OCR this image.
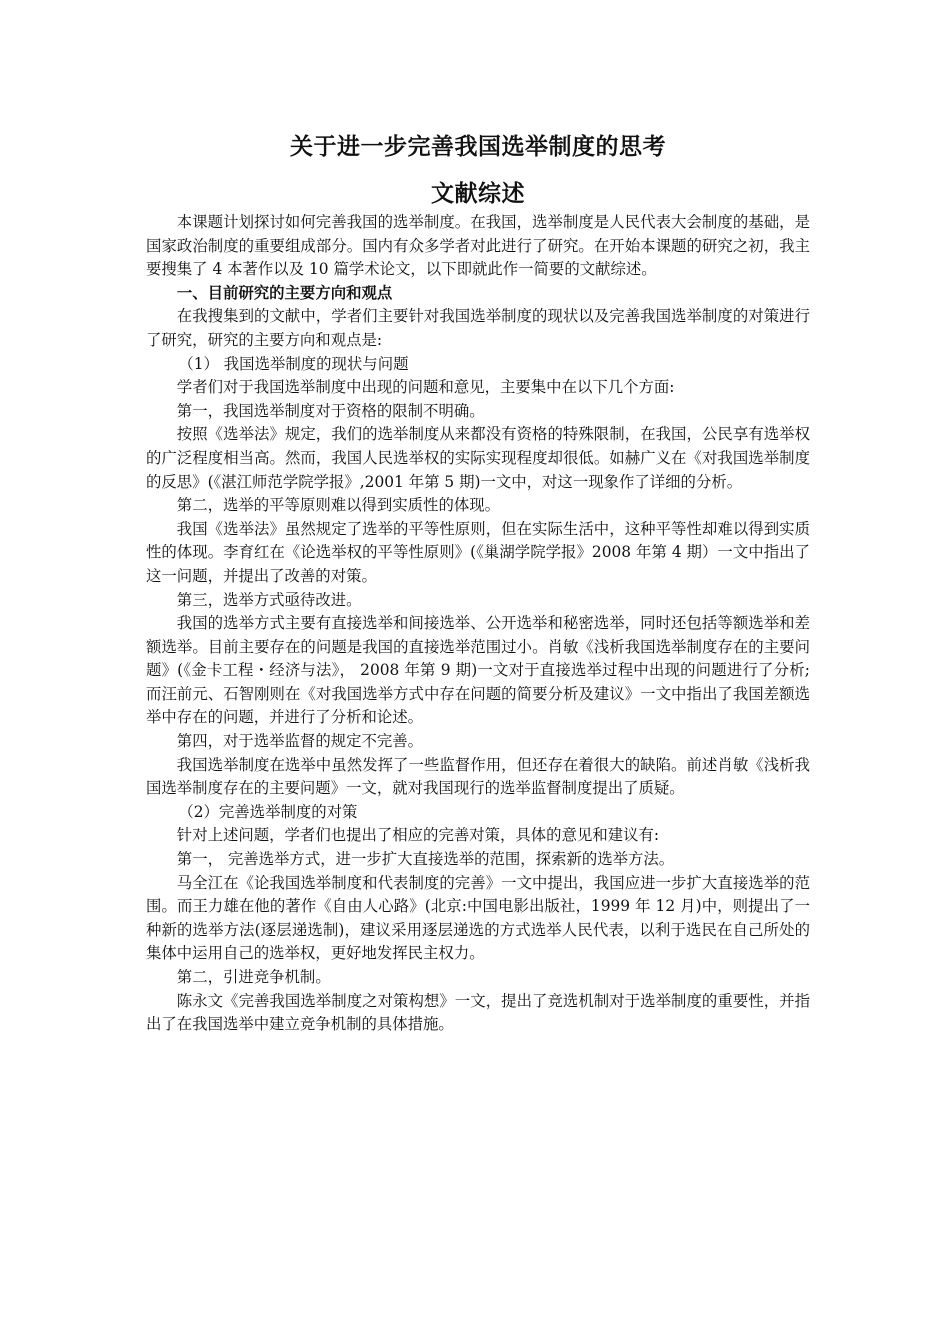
关于进一步完善我国选举制度的思考
文献综述

本课题计划探讨如何完善我国的选举制度。在我国，选举制度是人民代表大会制度的基础，是国家政治制度的重要组成部分。国内有众多学者对此进行了研究。在开始本课题的研究之初，我主要搜集了 4 本著作以及 10 篇学术论文，以下即就此作一简要的文献综述。

一、目前研究的主要方向和观点

在我搜集到的文献中，学者们主要针对我国选举制度的现状以及完善我国选举制度的对策进行了研究，研究的主要方向和观点是:

（1） 我国选举制度的现状与问题

学者们对于我国选举制度中出现的问题和意见，主要集中在以下几个方面:

第一，我国选举制度对于资格的限制不明确。

按照《选举法》规定，我们的选举制度从来都没有资格的特殊限制，在我国，公民享有选举权的广泛程度相当高。然而，我国人民选举权的实际实现程度却很低。如赫广义在《对我国选举制度的反思》(《湛江师范学院学报》,2001 年第 5 期)一文中，对这一现象作了详细的分析。

第二，选举的平等原则难以得到实质性的体现。

我国《选举法》虽然规定了选举的平等性原则，但在实际生活中，这种平等性却难以得到实质性的体现。李育红在《论选举权的平等性原则》(《巢湖学院学报》2008 年第 4 期）一文中指出了这一问题，并提出了改善的对策。

第三，选举方式亟待改进。

我国的选举方式主要有直接选举和间接选举、公开选举和秘密选举，同时还包括等额选举和差额选举。目前主要存在的问题是我国的直接选举范围过小。肖敏《浅析我国选举制度存在的主要问题》(《金卡工程・经济与法》， 2008 年第 9 期)一文对于直接选举过程中出现的问题进行了分析;而汪前元、石智刚则在《对我国选举方式中存在问题的简要分析及建议》一文中指出了我国差额选举中存在的问题，并进行了分析和论述。

第四，对于选举监督的规定不完善。

我国选举制度在选举中虽然发挥了一些监督作用，但还存在着很大的缺陷。前述肖敏《浅析我国选举制度存在的主要问题》一文，就对我国现行的选举监督制度提出了质疑。

（2）完善选举制度的对策

针对上述问题，学者们也提出了相应的完善对策，具体的意见和建议有:

第一， 完善选举方式，进一步扩大直接选举的范围，探索新的选举方法。

马全江在《论我国选举制度和代表制度的完善》一文中提出，我国应进一步扩大直接选举的范围。而王力雄在他的著作《自由人心路》(北京:中国电影出版社，1999 年 12 月)中，则提出了一种新的选举方法(逐层递选制)，建议采用逐层递选的方式选举人民代表，以利于选民在自己所处的集体中运用自己的选举权，更好地发挥民主权力。

第二，引进竞争机制。

陈永文《完善我国选举制度之对策构想》一文，提出了竞选机制对于选举制度的重要性，并指出了在我国选举中建立竞争机制的具体措施。
